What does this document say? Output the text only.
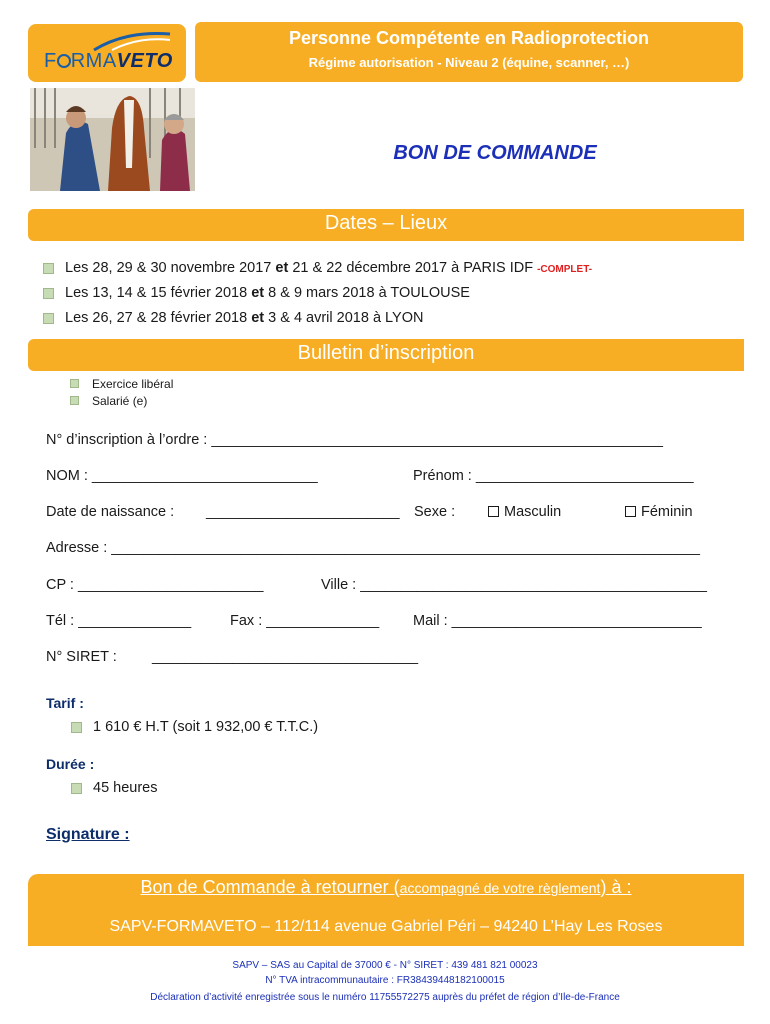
F RMAVETO
Personne Compétente en Radioprotection
Régime autorisation - Niveau 2 (équine, scanner, …)
BON DE COMMANDE
Dates – Lieux
Les 28, 29 & 30 novembre 2017 et 21 & 22 décembre 2017 à PARIS IDF -COMPLET-
Les 13, 14 & 15 février 2018 et 8 & 9 mars 2018 à TOULOUSE
Les 26, 27 & 28 février 2018 et 3 & 4 avril 2018 à LYON
Bulletin d’inscription
Exercice libéral
Salarié (e)
N° d’inscription à l’ordre : ________________________________________________________
NOM : ____________________________	Prénom : ___________________________
Date de naissance : ________________________ Sexe :	Masculin	Féminin
Adresse : _________________________________________________________________________
CP : _______________________	Ville : ___________________________________________
Tél : ______________	Fax : ______________ Mail : _______________________________
N° SIRET : _________________________________
Tarif :
1 610 € H.T (soit 1 932,00 € T.T.C.)
Durée :
45 heures
Signature :
Bon de Commande à retourner (accompagné de votre règlement) à :
SAPV-FORMAVETO – 112/114 avenue Gabriel Péri – 94240 L’Hay Les Roses
SAPV – SAS au Capital de 37000 € - N° SIRET : 439 481 821 00023
N° TVA intracommunautaire : FR38439448182100015
Déclaration d’activité enregistrée sous le numéro 11755572275 auprès du préfet de région d’Ile-de-France
